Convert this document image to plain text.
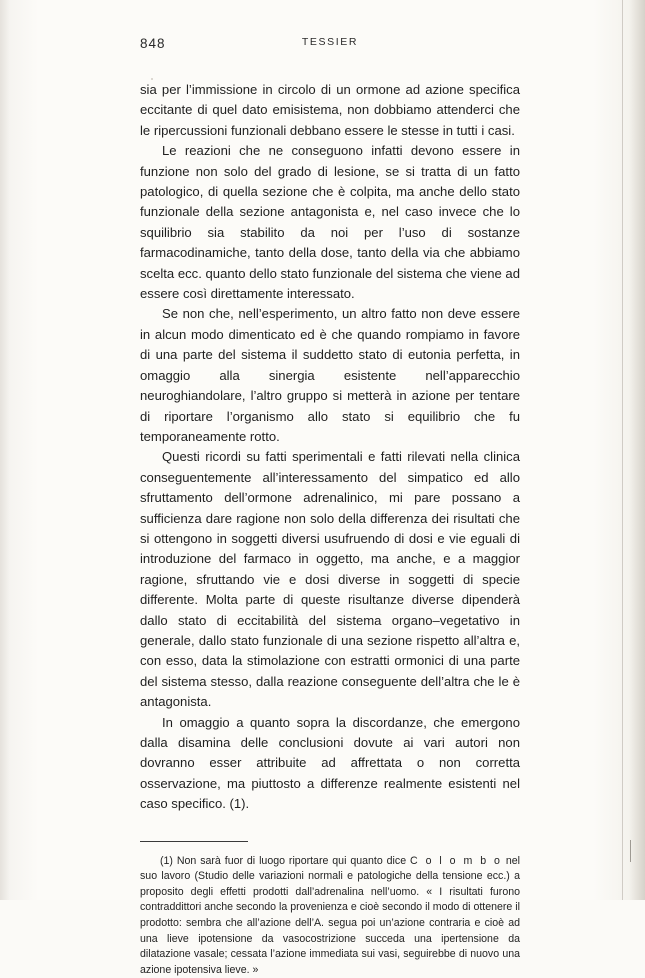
848	TESSIER

sia per l’immissione in circolo di un ormone ad azione specifica eccitante di quel dato emisistema, non dobbiamo attenderci che le ripercussioni funzionali debbano essere le stesse in tutti i casi.

Le reazioni che ne conseguono infatti devono essere in funzione non solo del grado di lesione, se si tratta di un fatto patologico, di quella sezione che è colpita, ma anche dello stato funzionale della sezione antagonista e, nel caso invece che lo squilibrio sia stabilito da noi per l’uso di sostanze farmacodinamiche, tanto della dose, tanto della via che abbiamo scelta ecc. quanto dello stato funzionale del sistema che viene ad essere così direttamente interessato.

Se non che, nell’esperimento, un altro fatto non deve essere in alcun modo dimenticato ed è che quando rompiamo in favore di una parte del sistema il suddetto stato di eutonia perfetta, in omaggio alla sinergia esistente nell’apparecchio neuroghiandolare, l’altro gruppo si metterà in azione per tentare di riportare l’organismo allo stato si equilibrio che fu temporaneamente rotto.

Questi ricordi su fatti sperimentali e fatti rilevati nella clinica conseguentemente all’interessamento del simpatico ed allo sfruttamento dell’ormone adrenalinico, mi pare possano a sufficienza dare ragione non solo della differenza dei risultati che si ottengono in soggetti diversi usufruendo di dosi e vie eguali di introduzione del farmaco in oggetto, ma anche, e a maggior ragione, sfruttando vie e dosi diverse in soggetti di specie differente. Molta parte di queste risultanze diverse dipenderà dallo stato di eccitabilità del sistema organo–vegetativo in generale, dallo stato funzionale di una sezione rispetto all’altra e, con esso, data la stimolazione con estratti ormonici di una parte del sistema stesso, dalla reazione conseguente dell’altra che le è antagonista.

In omaggio a quanto sopra la discordanze, che emergono dalla disamina delle conclusioni dovute ai vari autori non dovranno esser attribuite ad affrettata o non corretta osservazione, ma piuttosto a differenze realmente esistenti nel caso specifico. (1).

(1) Non sarà fuor di luogo riportare qui quanto dice C o l o m b o nel suo lavoro (Studio delle variazioni normali e patologiche della tensione ecc.) a proposito degli effetti prodotti dall’adrenalina nell’uomo. « I risultati furono contraddittori anche secondo la provenienza e cioè secondo il modo di ottenere il prodotto: sembra che all’azione dell’A. segua poi un’azione contraria e cioè ad una lieve ipotensione da vasocostrizione succeda una ipertensione da dilatazione vasale; cessata l’azione immediata sui vasi, seguirebbe di nuovo una azione ipotensiva lieve. »
